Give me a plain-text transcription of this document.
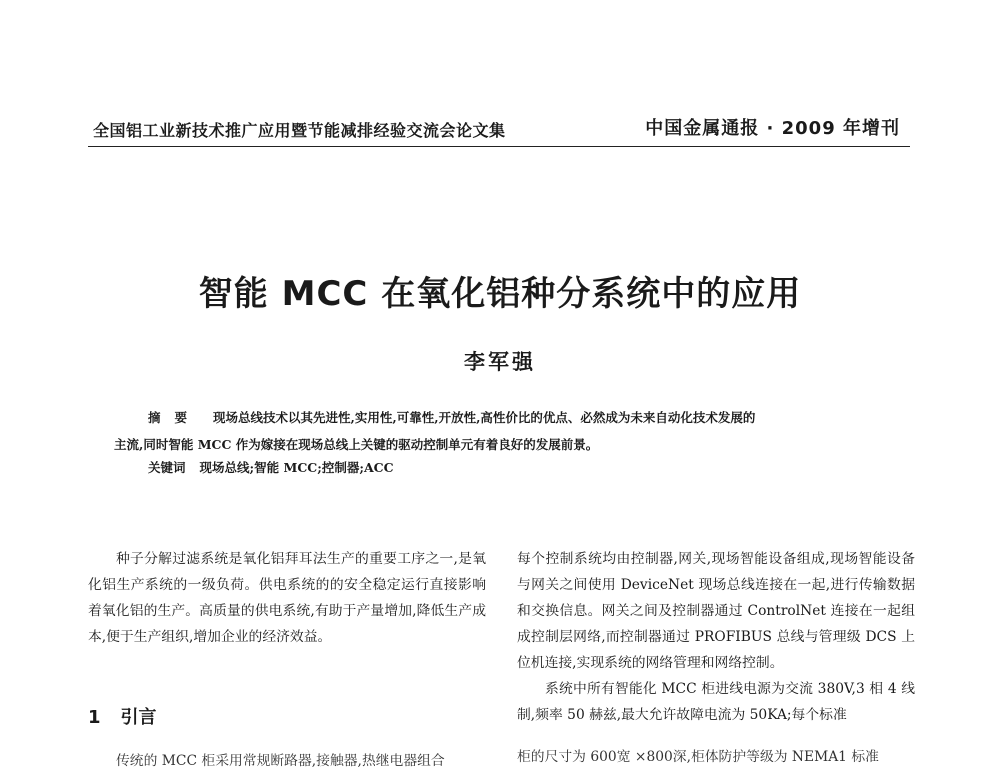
全国铝工业新技术推广应用暨节能减排经验交流会论文集	中国金属通报 · 2009 年增刊
智能 MCC 在氧化铝种分系统中的应用
李军强
摘要 现场总线技术以其先进性,实用性,可靠性,开放性,高性价比的优点、必然成为未来自动化技术发展的
主流,同时智能 MCC 作为嫁接在现场总线上关键的驱动控制单元有着良好的发展前景。
关键词 现场总线;智能 MCC;控制器;ACC

种子分解过滤系统是氧化铝拜耳法生产的重要工序之一,是氧化铝生产系统的一级负荷。供电系统的的安全稳定运行直接影响着氧化铝的生产。高质量的供电系统,有助于产量增加,降低生产成本,便于生产组织,增加企业的经济效益。

1 引言
传统的 MCC 柜采用常规断路器,接触器,热继电器组合

每个控制系统均由控制器,网关,现场智能设备组成,现场智能设备与网关之间使用 DeviceNet 现场总线连接在一起,进行传输数据和交换信息。网关之间及控制器通过 ControlNet 连接在一起组成控制层网络,而控制器通过 PROFIBUS 总线与管理级 DCS 上位机连接,实现系统的网络管理和网络控制。

系统中所有智能化 MCC 柜进线电源为交流 380V,3 相 4 线制,频率 50 赫兹,最大允许故障电流为 50KA;每个标准

柜的尺寸为 600宽 ×800深,柜体防护等级为 NEMA1 标准
